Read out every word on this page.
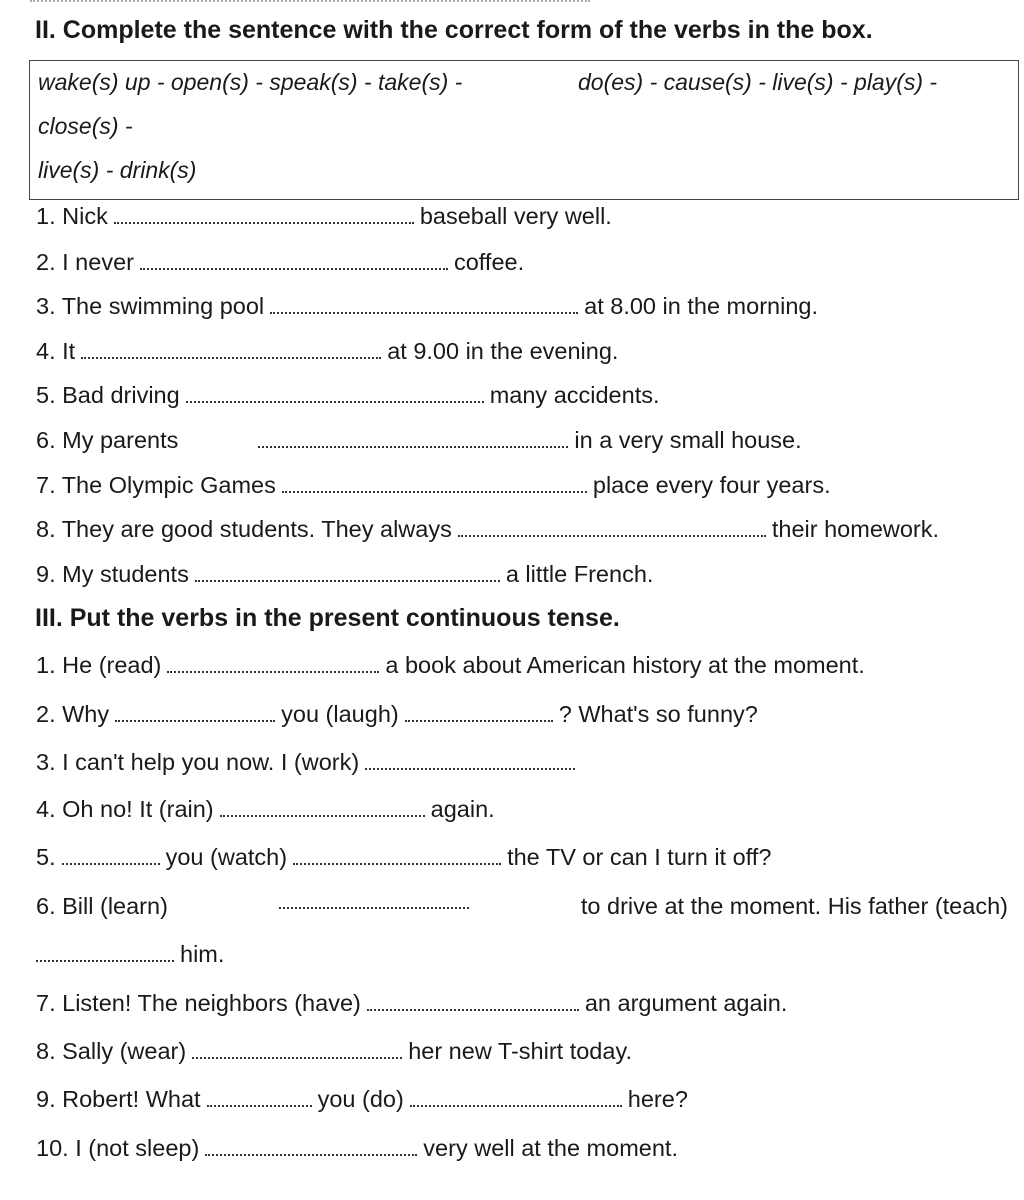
II. Complete the sentence with the correct form of the verbs in the box.
wake(s) up - open(s) - speak(s) - take(s) -	do(es) - cause(s) - live(s) - play(s) -
close(s) -
live(s) - drink(s)
1. Nick	baseball very well.
2. I never	coffee.
3. The swimming pool	at 8.00 in the morning.
4. It	at 9.00 in the evening.
5. Bad driving	many accidents.
6. My parents	in a very small house.
7. The Olympic Games	place every four years.
8. They are good students. They always	their homework.
9. My students	a little French.
III. Put the verbs in the present continuous tense.
1. He (read)	a book about American history at the moment.
2. Why	you (laugh)	? What's so funny?
3. I can't help you now. I (work)
4. Oh no! It (rain)	again.
5.	you (watch)	the TV or can I turn it off?
6. Bill (learn)	to drive at the moment. His father (teach)
him.
7. Listen! The neighbors (have)	an argument again.
8. Sally (wear)	her new T-shirt today.
9. Robert! What	you (do)	here?
10. I (not sleep)	very well at the moment.
